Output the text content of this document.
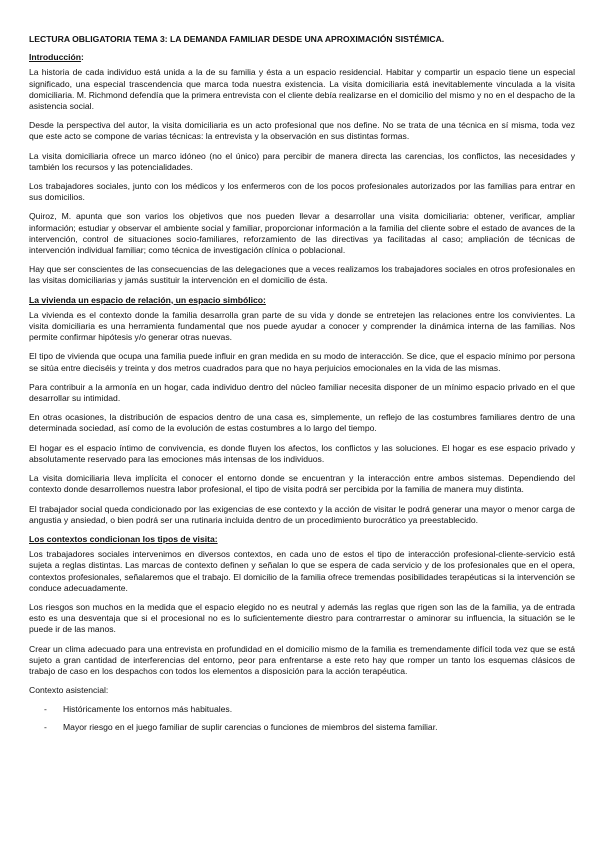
LECTURA OBLIGATORIA TEMA 3: LA DEMANDA FAMILIAR DESDE UNA APROXIMACIÓN SISTÉMICA.
Introducción:

La historia de cada individuo está unida a la de su familia y ésta a un espacio residencial. Habitar y compartir un espacio tiene un especial significado, una especial trascendencia que marca toda nuestra existencia. La visita domiciliaria está inevitablemente vinculada a la visita domiciliaria. M. Richmond defendía que la primera entrevista con el cliente debía realizarse en el domicilio del mismo y no en el despacho de la asistencia social.

Desde la perspectiva del autor, la visita domiciliaria es un acto profesional que nos define. No se trata de una técnica en sí misma, toda vez que este acto se compone de varias técnicas: la entrevista y la observación en sus distintas formas.

La visita domiciliaria ofrece un marco idóneo (no el único) para percibir de manera directa las carencias, los conflictos, las necesidades y también los recursos y las potencialidades.

Los trabajadores sociales, junto con los médicos y los enfermeros con de los pocos profesionales autorizados por las familias para entrar en sus domicilios.

Quiroz, M. apunta que son varios los objetivos que nos pueden llevar a desarrollar una visita domiciliaria: obtener, verificar, ampliar información; estudiar y observar el ambiente social y familiar, proporcionar información a la familia del cliente sobre el estado de avances de la intervención, control de situaciones socio-familiares, reforzamiento de las directivas ya facilitadas al caso; ampliación de técnicas de intervención individual familiar; como técnica de investigación clínica o poblacional.

Hay que ser conscientes de las consecuencias de las delegaciones que a veces realizamos los trabajadores sociales en otros profesionales en las visitas domiciliarias y jamás sustituir la intervención en el domicilio de ésta.

La vivienda un espacio de relación, un espacio simbólico:

La vivienda es el contexto donde la familia desarrolla gran parte de su vida y donde se entretejen las relaciones entre los convivientes. La visita domiciliaria es una herramienta fundamental que nos puede ayudar a conocer y comprender la dinámica interna de las familias. Nos permite confirmar hipótesis y/o generar otras nuevas.

El tipo de vivienda que ocupa una familia puede influir en gran medida en su modo de interacción. Se dice, que el espacio mínimo por persona se sitúa entre dieciséis y treinta y dos metros cuadrados para que no haya perjuicios emocionales en la vida de las mismas.

Para contribuir a la armonía en un hogar, cada individuo dentro del núcleo familiar necesita disponer de un mínimo espacio privado en el que desarrollar su intimidad.

En otras ocasiones, la distribución de espacios dentro de una casa es, simplemente, un reflejo de las costumbres familiares dentro de una determinada sociedad, así como de la evolución de estas costumbres a lo largo del tiempo.

El hogar es el espacio íntimo de convivencia, es donde fluyen los afectos, los conflictos y las soluciones. El hogar es ese espacio privado y absolutamente reservado para las emociones más intensas de los individuos.

La visita domiciliaria lleva implícita el conocer el entorno donde se encuentran y la interacción entre ambos sistemas. Dependiendo del contexto donde desarrollemos nuestra labor profesional, el tipo de visita podrá ser percibida por la familia de manera muy distinta.

El trabajador social queda condicionado por las exigencias de ese contexto y la acción de visitar le podrá generar una mayor o menor carga de angustia y ansiedad, o bien podrá ser una rutinaria incluida dentro de un procedimiento burocrático ya preestablecido.

Los contextos condicionan los tipos de visita:

Los trabajadores sociales intervenimos en diversos contextos, en cada uno de estos el tipo de interacción profesional-cliente-servicio está sujeta a reglas distintas. Las marcas de contexto definen y señalan lo que se espera de cada servicio y de los profesionales que en el opera, contextos profesionales, señalaremos que el trabajo. El domicilio de la familia ofrece tremendas posibilidades terapéuticas si la intervención se conduce adecuadamente.

Los riesgos son muchos en la medida que el espacio elegido no es neutral y además las reglas que rigen son las de la familia, ya de entrada esto es una desventaja que si el procesional no es lo suficientemente diestro para contrarrestar o aminorar su influencia, la situación se le puede ir de las manos.

Crear un clima adecuado para una entrevista en profundidad en el domicilio mismo de la familia es tremendamente difícil toda vez que se está sujeto a gran cantidad de interferencias del entorno, peor para enfrentarse a este reto hay que romper un tanto los esquemas clásicos de trabajo de caso en los despachos con todos los elementos a disposición para la acción terapéutica.

Contexto asistencial:

- Históricamente los entornos más habituales.
- Mayor riesgo en el juego familiar de suplir carencias o funciones de miembros del sistema familiar.
